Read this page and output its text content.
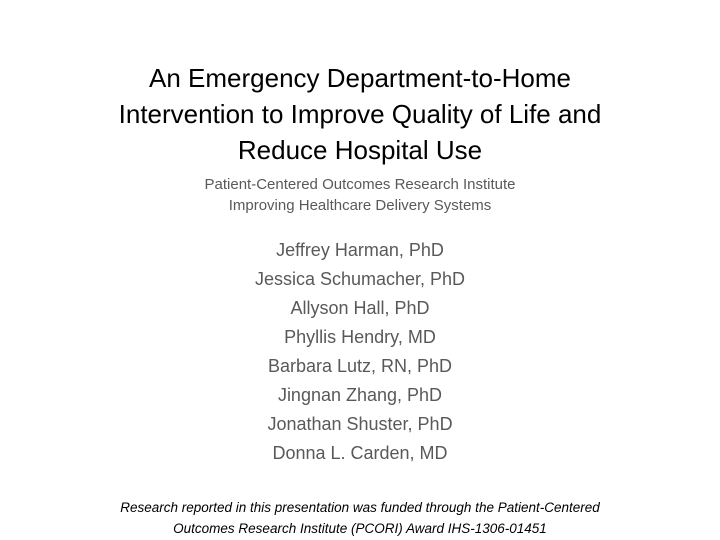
An Emergency Department-to-Home
Intervention to Improve Quality of Life and
Reduce Hospital Use

Patient-Centered Outcomes Research Institute
Improving Healthcare Delivery Systems

Jeffrey Harman, PhD
Jessica Schumacher, PhD
Allyson Hall, PhD
Phyllis Hendry, MD
Barbara Lutz, RN, PhD
Jingnan Zhang, PhD
Jonathan Shuster, PhD
Donna L. Carden, MD

Research reported in this presentation was funded through the Patient-Centered
Outcomes Research Institute (PCORI) Award IHS-1306-01451
